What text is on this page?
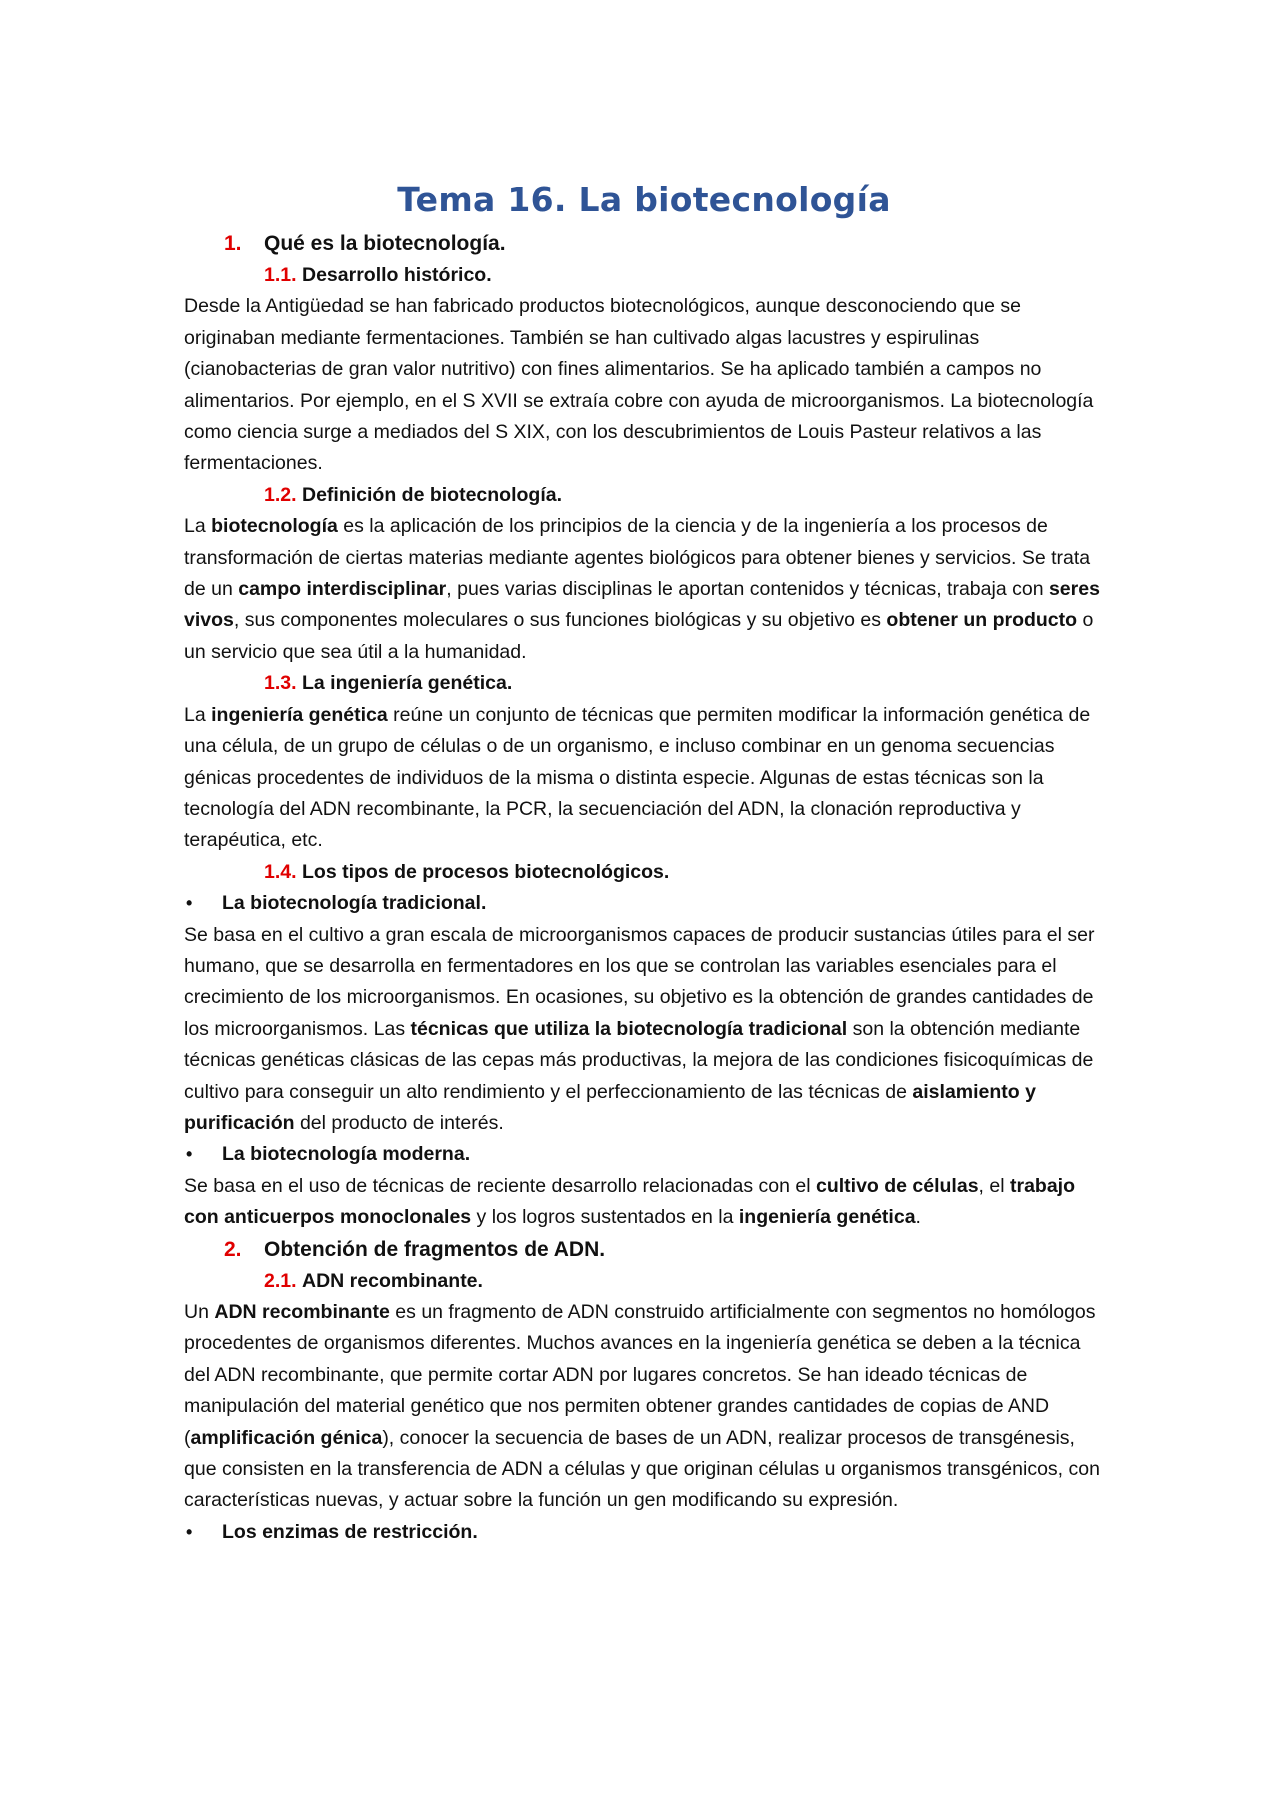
Tema 16. La biotecnología
1. Qué es la biotecnología.
1.1. Desarrollo histórico.

Desde la Antigüedad se han fabricado productos biotecnológicos, aunque desconociendo que se originaban mediante fermentaciones. También se han cultivado algas lacustres y espirulinas (cianobacterias de gran valor nutritivo) con fines alimentarios. Se ha aplicado también a campos no alimentarios. Por ejemplo, en el S XVII se extraía cobre con ayuda de microorganismos. La biotecnología como ciencia surge a mediados del S XIX, con los descubrimientos de Louis Pasteur relativos a las fermentaciones.

1.2. Definición de biotecnología.

La biotecnología es la aplicación de los principios de la ciencia y de la ingeniería a los procesos de transformación de ciertas materias mediante agentes biológicos para obtener bienes y servicios. Se trata de un campo interdisciplinar, pues varias disciplinas le aportan contenidos y técnicas, trabaja con seres vivos, sus componentes moleculares o sus funciones biológicas y su objetivo es obtener un producto o un servicio que sea útil a la humanidad.

1.3. La ingeniería genética.

La ingeniería genética reúne un conjunto de técnicas que permiten modificar la información genética de una célula, de un grupo de células o de un organismo, e incluso combinar en un genoma secuencias génicas procedentes de individuos de la misma o distinta especie. Algunas de estas técnicas son la tecnología del ADN recombinante, la PCR, la secuenciación del ADN, la clonación reproductiva y terapéutica, etc.

1.4. Los tipos de procesos biotecnológicos.
• La biotecnología tradicional.

Se basa en el cultivo a gran escala de microorganismos capaces de producir sustancias útiles para el ser humano, que se desarrolla en fermentadores en los que se controlan las variables esenciales para el crecimiento de los microorganismos. En ocasiones, su objetivo es la obtención de grandes cantidades de los microorganismos. Las técnicas que utiliza la biotecnología tradicional son la obtención mediante técnicas genéticas clásicas de las cepas más productivas, la mejora de las condiciones fisicoquímicas de cultivo para conseguir un alto rendimiento y el perfeccionamiento de las técnicas de aislamiento y purificación del producto de interés.

• La biotecnología moderna.

Se basa en el uso de técnicas de reciente desarrollo relacionadas con el cultivo de células, el trabajo con anticuerpos monoclonales y los logros sustentados en la ingeniería genética.

2. Obtención de fragmentos de ADN.
2.1. ADN recombinante.

Un ADN recombinante es un fragmento de ADN construido artificialmente con segmentos no homólogos procedentes de organismos diferentes. Muchos avances en la ingeniería genética se deben a la técnica del ADN recombinante, que permite cortar ADN por lugares concretos. Se han ideado técnicas de manipulación del material genético que nos permiten obtener grandes cantidades de copias de AND (amplificación génica), conocer la secuencia de bases de un ADN, realizar procesos de transgénesis, que consisten en la transferencia de ADN a células y que originan células u organismos transgénicos, con características nuevas, y actuar sobre la función un gen modificando su expresión.

• Los enzimas de restricción.
